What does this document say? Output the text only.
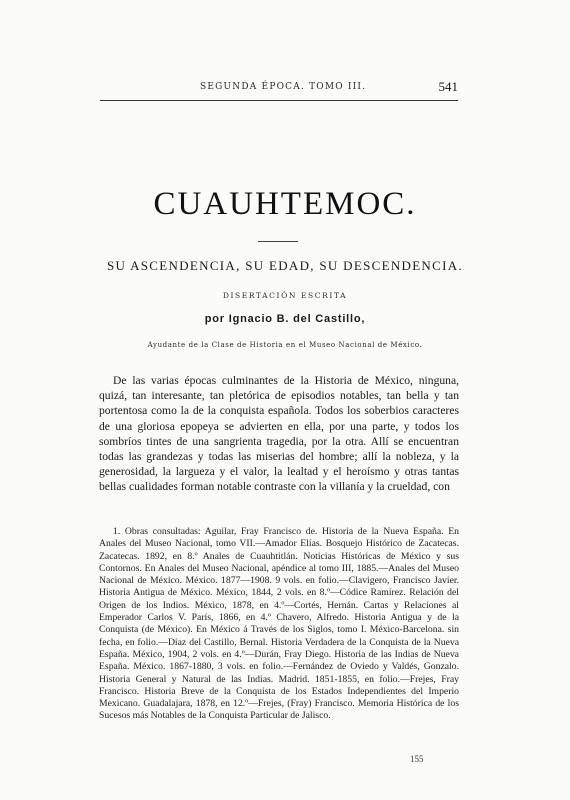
541
SEGUNDA ÉPOCA. TOMO III.
CUAUHTEMOC.
SU ASCENDENCIA, SU EDAD, SU DESCENDENCIA.
DISERTACIÓN ESCRITA
por Ignacio B. del Castillo,
Ayudante de la Clase de Historia en el Museo Nacional de México.

De las varias épocas culminantes de la Historia de México, ninguna, quizá, tan interesante, tan pletórica de episodios notables, tan bella y tan portentosa como la de la conquista española. Todos los soberbios caracteres de una gloriosa epopeya se advierten en ella, por una parte, y todos los sombríos tintes de una sangrienta tragedia, por la otra. Allí se encuentran todas las grandezas y todas las miserias del hombre; allí la nobleza, y la generosidad, la largueza y el valor, la lealtad y el heroísmo y otras tantas bellas cualidades forman notable contraste con la villanía y la crueldad, con

1. Obras consultadas: Aguilar, Fray Francisco de. Historia de la Nueva España. En Anales del Museo Nacional, tomo VII.—Amador Elías. Bosquejo Histórico de Zacatecas. Zacatecas. 1892, en 8.º Anales de Cuauhtitlán. Noticias Históricas de México y sus Contornos. En Anales del Museo Nacional, apéndice al tomo III, 1885.—Anales del Museo Nacional de México. México. 1877—1908. 9 vols. en folio.—Clavigero, Francisco Javier. Historia Antigua de México. México, 1844, 2 vols. en 8.º—Códice Ramírez. Relación del Origen de los Indios. México, 1878, en 4.º—Cortés, Hernán. Cartas y Relaciones al Emperador Carlos V. París, 1866, en 4.º Chavero, Alfredo. Historia Antigua y de la Conquista (de México). En México á Través de los Siglos, tomo I. México-Barcelona. sin fecha, en folio.—Díaz del Castillo, Bernal. Historia Verdadera de la Conquista de la Nueva España. México, 1904, 2 vols. en 4.º—Durán, Fray Diego. Historia de las Indias de Nueva España. México. 1867-1880, 3 vols. en folio.—Fernández de Oviedo y Valdés, Gonzalo. Historia General y Natural de las Indias. Madrid. 1851-1855, en folio.—Frejes, Fray Francisco. Historia Breve de la Conquista de los Estados Independientes del Imperio Mexicano. Guadalajara, 1878, en 12.º—Frejes, (Fray) Francisco. Memoria Histórica de los Sucesos más Notables de la Conquista Particular de Jalisco.

155
